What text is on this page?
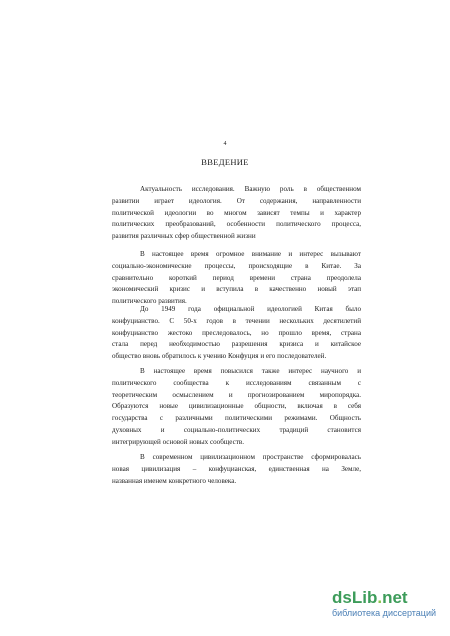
4
ВВЕДЕНИЕ

Актуальность исследования. Важную роль в общественном
развитии играет идеология. От содержания, направленности
политической идеологии во многом зависят темпы и характер
политических преобразований, особенности политического процесса,
развития различных сфер общественной жизни

В настоящее время огромное внимание и интерес вызывают
социально-экономические процессы, происходящие в Китае. За
сравнительно короткий период времени страна преодолела
экономический кризис и вступила в качественно новый этап
политического развития.

До 1949 года официальной идеологией Китая было
конфуцианство. С 50-х годов в течении нескольких десятилетий
конфуцианство жестоко преследовалось, но прошло время, страна
стала перед необходимостью разрешения кризиса и китайское
общество вновь обратилось к учению Конфуция и его последователей.

В настоящее время повысился также интерес научного и
политического сообщества к исследованиям связанным с
теоретическим осмыслением и прогнозированием миропорядка.
Образуются новые цивилизационные общности, включая в себя
государства с различными политическими режимами. Общность
духовных и социально-политических традиций становится
интегрирующей основой новых сообществ.

В современном цивилизационном пространстве сформировалась
новая цивилизация – конфуцианская, единственная на Земле,
названная именем конкретного человека.

dsLib.net
библиотека диссертаций
